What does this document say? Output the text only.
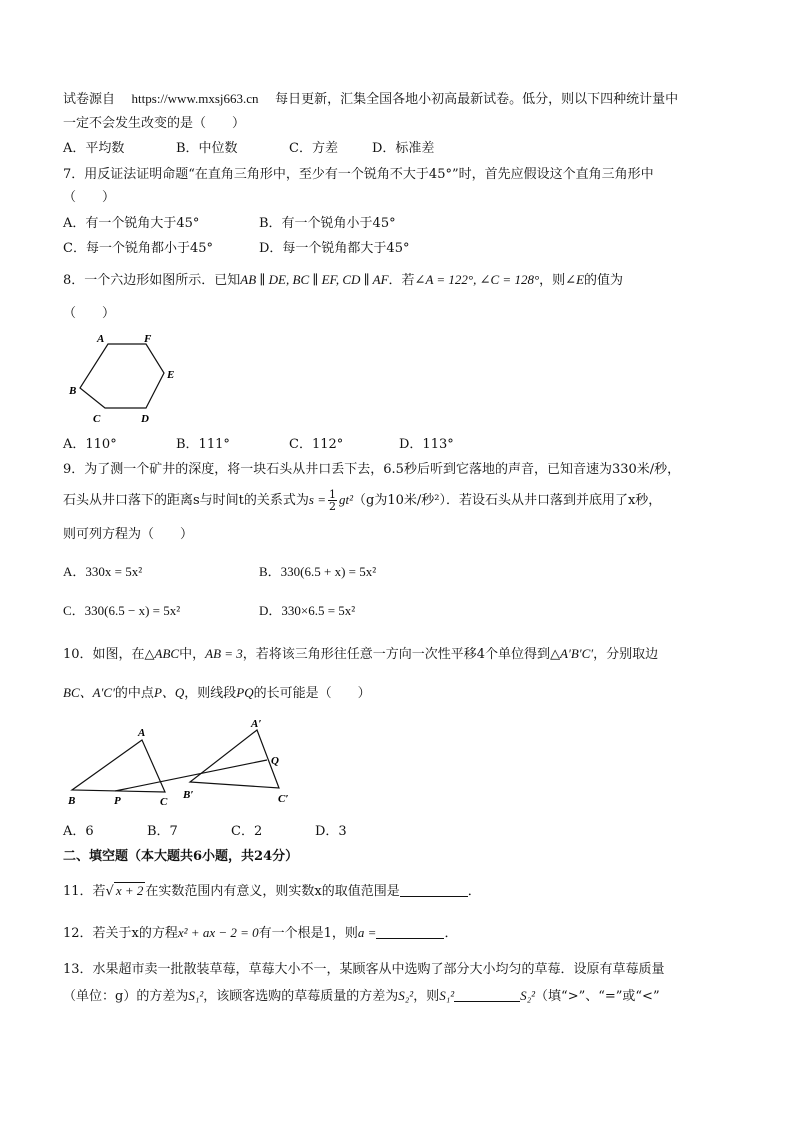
试卷源自 https://www.mxsj663.cn 每日更新，汇集全国各地小初高最新试卷。低分，则以下四种统计量中
一定不会发生改变的是（　　）
A．平均数	B．中位数	C．方差	D．标准差
7．用反证法证明命题“在直角三角形中，至少有一个锐角不大于45°”时，首先应假设这个直角三角形中
（　　）
A．有一个锐角大于45°	B．有一个锐角小于45°
C．每一个锐角都小于45°	D．每一个锐角都大于45°
8．一个六边形如图所示．已知AB ∥ DE, BC ∥ EF, CD ∥ AF．若∠A = 122°, ∠C = 128°，则∠E的值为
（　　）
A	F
E
B
C	D
A．110°	B．111°	C．112°	D．113°
9．为了测一个矿井的深度，将一块石头从井口丢下去，6.5秒后听到它落地的声音，已知音速为330米/秒，
石头从井口落下的距离s与时间t的关系式为$s = \frac{1}{2} gt^2(g$为10米/秒²）．若设石头从井口落到并底用了x秒，
则可列方程为（　　）
A．330x = 5x²	B．330(6.5 + x) = 5x²
C．330(6.5 − x) = 5x²	D．330×6.5 = 5x²
10．如图，在△ABC中，AB = 3，若将该三角形往任意一方向一次性平移4个单位得到△A′B′C′，分别取边
BC、A′C′的中点P、Q，则线段PQ的长可能是（　　）
A
B	P	C
A′
Q
B′	C′
A．6	B．7	C．2	D．3
二、填空题（本大题共6小题，共24分）
11．若√ x + 2 在实数范围内有意义，则实数x的取值范围是	．
12．若关于x的方程x² + ax − 2 = 0有一个根是1，则a =	．
13．水果超市卖一批散装草莓，草莓大小不一，某顾客从中选购了部分大小均匀的草莓．设原有草莓质量
（单位：g）的方差为S₁²，该顾客选购的草莓质量的方差为S₂²，则S₁²	S₂²（填“>”、“=”或“<”
